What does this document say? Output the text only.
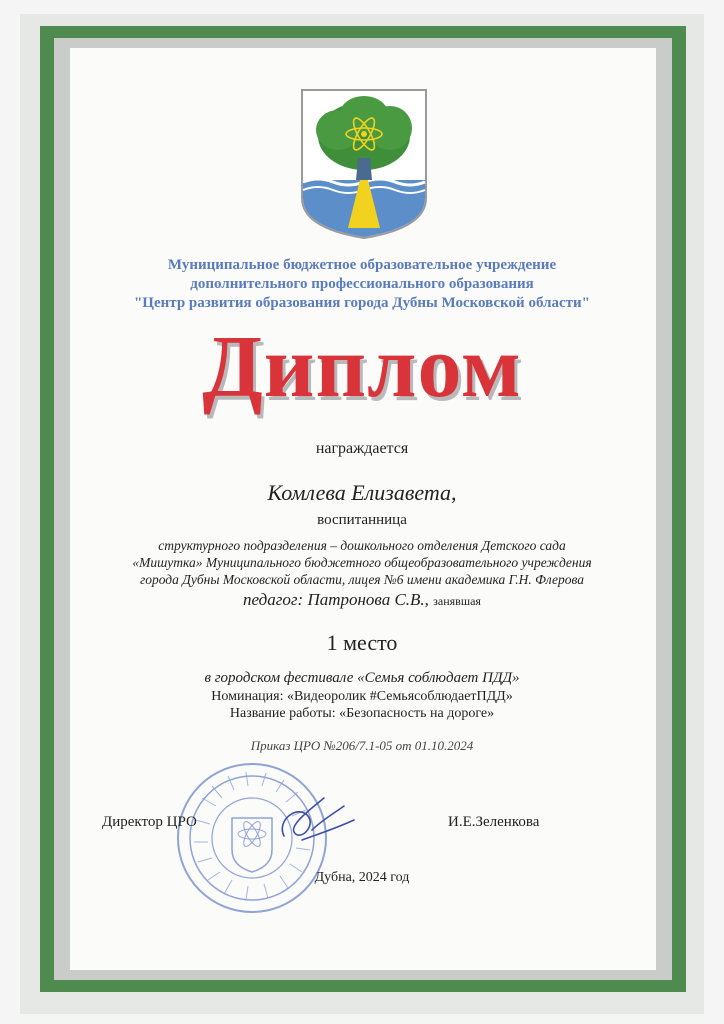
Муниципальное бюджетное образовательное учреждение
дополнительного профессионального образования
"Центр развития образования города Дубны Московской области"
Диплом
награждается
Комлева Елизавета,
воспитанница
структурного подразделения – дошкольного отделения Детского сада
«Мишутка» Муниципального бюджетного общеобразовательного учреждения
города Дубны Московской области, лицея №6 имени академика Г.Н. Флерова
педагог: Патронова С.В., занявшая
1 место
в городском фестивале «Семья соблюдает ПДД»
Номинация: «Видеоролик #СемьясоблюдаетПДД»
Название работы: «Безопасность на дороге»
Приказ ЦРО №206/7.1-05 от 01.10.2024
Директор ЦРО	И.Е.Зеленкова
Дубна, 2024 год
